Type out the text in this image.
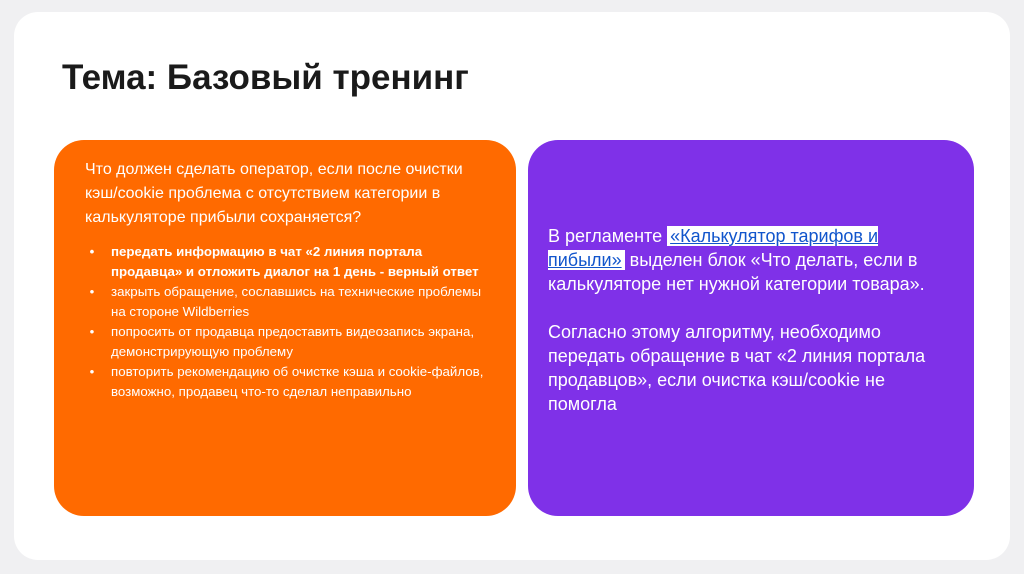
Тема: Базовый тренинг

Что должен сделать оператор, если после очистки кэш/cookie проблема с отсутствием категории в калькуляторе прибыли сохраняется?

•	передать информацию в чат «2 линия портала продавца» и отложить диалог на 1 день - верный ответ
•	закрыть обращение, сославшись на технические проблемы на стороне Wildberries
•	попросить от продавца предоставить видеозапись экрана, демонстрирующую проблему
•	повторить рекомендацию об очистке кэша и cookie-файлов, возможно, продавец что-то сделал неправильно

В регламенте «Калькулятор тарифов и пибыли» выделен блок «Что делать, если в калькуляторе нет нужной категории товара».

Согласно этому алгоритму, необходимо передать обращение в чат «2 линия портала продавцов», если очистка кэш/cookie не помогла
